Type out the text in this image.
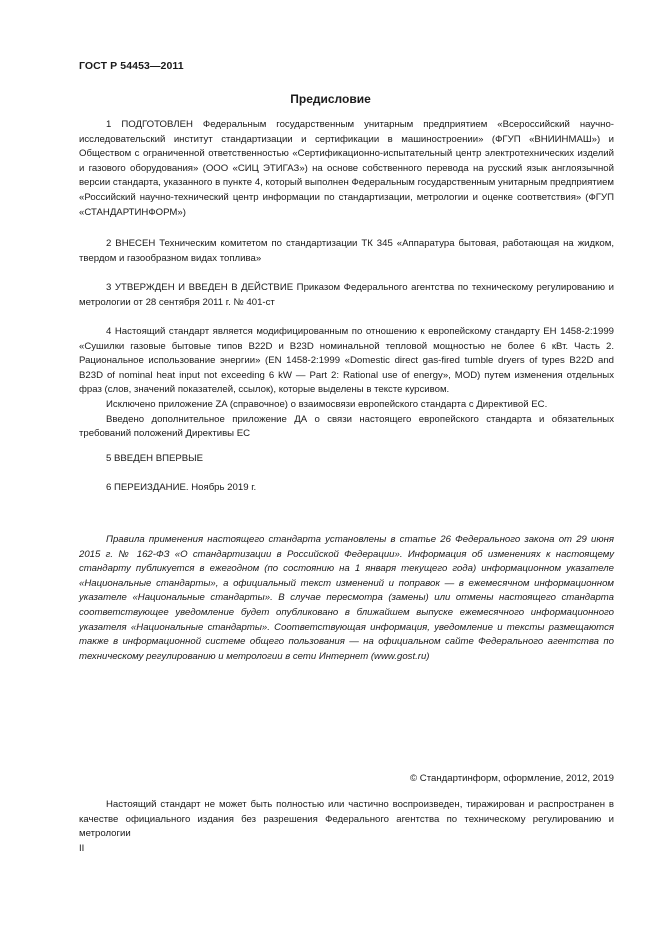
ГОСТ Р 54453—2011
Предисловие

1 ПОДГОТОВЛЕН Федеральным государственным унитарным предприятием «Всероссийский научно-исследовательский институт стандартизации и сертификации в машиностроении» (ФГУП «ВНИИНМАШ») и Обществом с ограниченной ответственностью «Сертификационно-испытательный центр электротехнических изделий и газового оборудования» (ООО «СИЦ ЭТИГАЗ») на основе собственного перевода на русский язык англоязычной версии стандарта, указанного в пункте 4, который выполнен Федеральным государственным унитарным предприятием «Российский научно-технический центр информации по стандартизации, метрологии и оценке соответствия» (ФГУП «СТАНДАРТИНФОРМ»)

2 ВНЕСЕН Техническим комитетом по стандартизации ТК 345 «Аппаратура бытовая, работающая на жидком, твердом и газообразном видах топлива»

3 УТВЕРЖДЕН И ВВЕДЕН В ДЕЙСТВИЕ Приказом Федерального агентства по техническому регулированию и метрологии от 28 сентября 2011 г. № 401-ст

4 Настоящий стандарт является модифицированным по отношению к европейскому стандарту ЕН 1458-2:1999 «Сушилки газовые бытовые типов B22D и B23D номинальной тепловой мощностью не более 6 кВт. Часть 2. Рациональное использование энергии» (EN 1458-2:1999 «Domestic direct gas-fired tumble dryers of types B22D and B23D of nominal heat input not exceeding 6 kW — Part 2: Rational use of energy», MOD) путем изменения отдельных фраз (слов, значений показателей, ссылок), которые выделены в тексте курсивом.

Исключено приложение ZA (справочное) о взаимосвязи европейского стандарта с Директивой ЕС.

Введено дополнительное приложение ДА о связи настоящего европейского стандарта и обязательных требований положений Директивы ЕС

5 ВВЕДЕН ВПЕРВЫЕ

6 ПЕРЕИЗДАНИЕ. Ноябрь 2019 г.

Правила применения настоящего стандарта установлены в статье 26 Федерального закона от 29 июня 2015 г. № 162-ФЗ «О стандартизации в Российской Федерации». Информация об изменениях к настоящему стандарту публикуется в ежегодном (по состоянию на 1 января текущего года) информационном указателе «Национальные стандарты», а официальный текст изменений и поправок — в ежемесячном информационном указателе «Национальные стандарты». В случае пересмотра (замены) или отмены настоящего стандарта соответствующее уведомление будет опубликовано в ближайшем выпуске ежемесячного информационного указателя «Национальные стандарты». Соответствующая информация, уведомление и тексты размещаются также в информационной системе общего пользования — на официальном сайте Федерального агентства по техническому регулированию и метрологии в сети Интернет (www.gost.ru)

© Стандартинформ, оформление, 2012, 2019

Настоящий стандарт не может быть полностью или частично воспроизведен, тиражирован и распространен в качестве официального издания без разрешения Федерального агентства по техническому регулированию и метрологии

II
